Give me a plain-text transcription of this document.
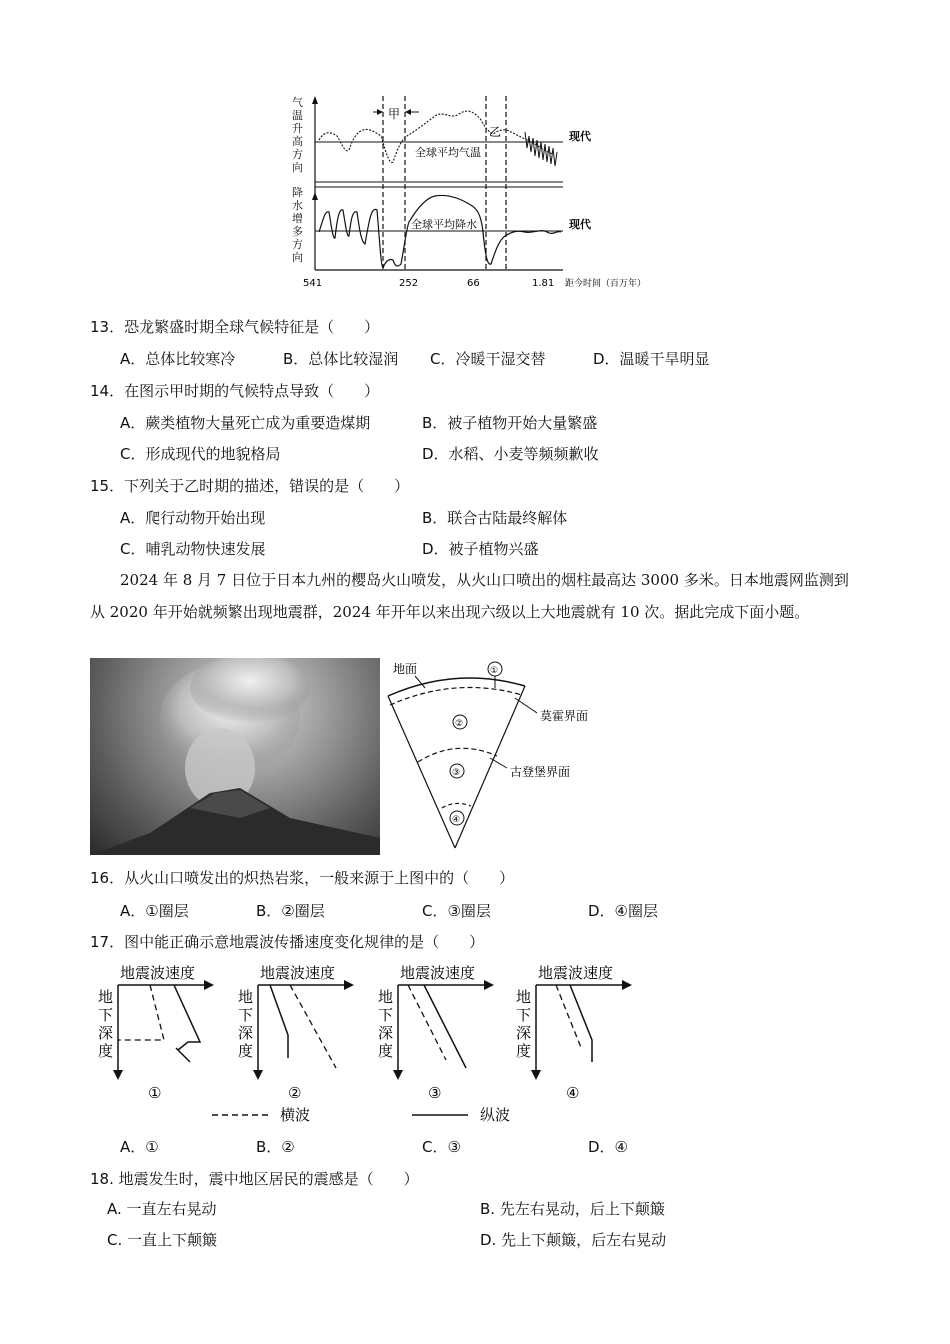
气
温
升
高
方
向
降
水
增
多
方
向
甲
乙
全球平均气温
现代
全球平均降水	现代
541	252	66	1.81 距今时间（百万年）
13．恐龙繁盛时期全球气候特征是（　　）
A．总体比较寒冷	B．总体比较湿润 C．冷暖干湿交替	D．温暖干旱明显
14．在图示甲时期的气候特点导致（　　）
A．蕨类植物大量死亡成为重要造煤期	B．被子植物开始大量繁盛
C．形成现代的地貌格局	D．水稻、小麦等频频歉收
15．下列关于乙时期的描述，错误的是（　　）
A．爬行动物开始出现	B．联合古陆最终解体
C．哺乳动物快速发展	D．被子植物兴盛
2024 年 8 月 7 日位于日本九州的樱岛火山喷发，从火山口喷出的烟柱最高达 3000 多米。日本地震网监测到从 2020 年开始就频繁出现地震群，2024 年开年以来出现六级以上大地震就有 10 次。据此完成下面小题。
地面	①
莫霍界面
②
③	古登堡界面
④
16．从火山口喷发出的炽热岩浆，一般来源于上图中的（　　）
A．①圈层	B．②圈层	C．③圈层	D．④圈层
17．图中能正确示意地震波传播速度变化规律的是（　　）
地震波速度
地
下
深
度
①
地震波速度
地
下
深
度
②
地震波速度
地
下
深
度
③
地震波速度
地
下
深
度
④
横波	纵波
A．①	B．②	C．③	D．④
18. 地震发生时，震中地区居民的震感是（　　）
A. 一直左右晃动	B. 先左右晃动，后上下颠簸
C. 一直上下颠簸	D. 先上下颠簸，后左右晃动
